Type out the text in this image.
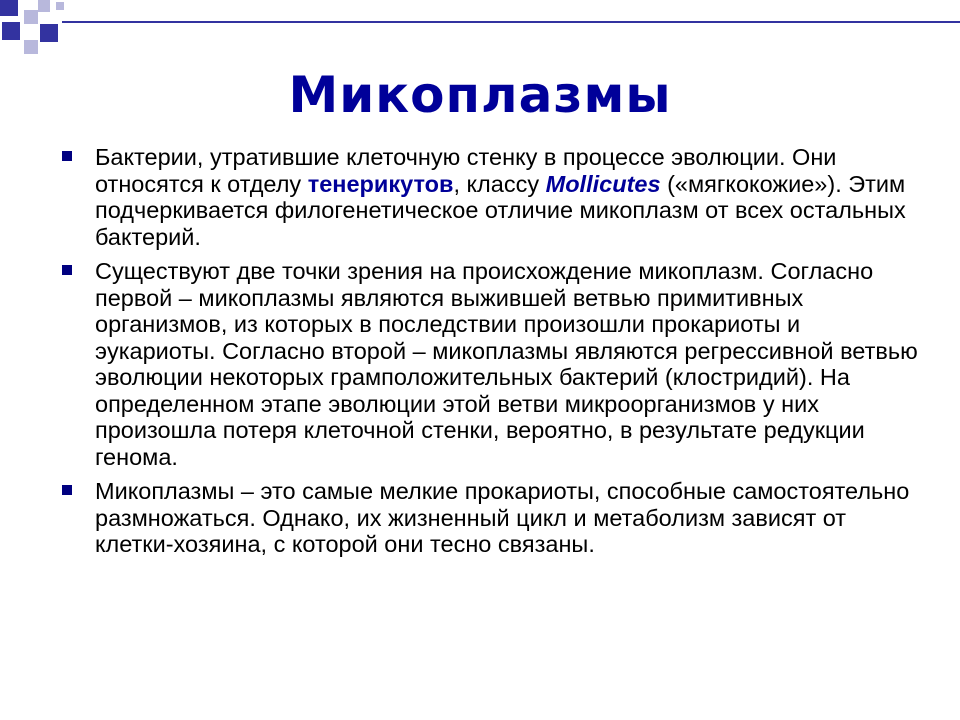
Микоплазмы
Бактерии, утратившие клеточную стенку в процессе эволюции. Они относятся к отделу тенерикутов, классу Mollicutes («мягкокожие»). Этим подчеркивается филогенетическое отличие микоплазм от всех остальных бактерий.
Существуют две точки зрения на происхождение микоплазм. Согласно первой – микоплазмы являются выжившей ветвью примитивных организмов, из которых в последствии произошли прокариоты и эукариоты. Согласно второй – микоплазмы являются регрессивной ветвью эволюции некоторых грамположительных бактерий (клостридий). На определенном этапе эволюции этой ветви микроорганизмов у них произошла потеря клеточной стенки, вероятно, в результате редукции генома.
Микоплазмы – это самые мелкие прокариоты, способные самостоятельно размножаться. Однако, их жизненный цикл и метаболизм зависят от клетки-хозяина, с которой они тесно связаны.
